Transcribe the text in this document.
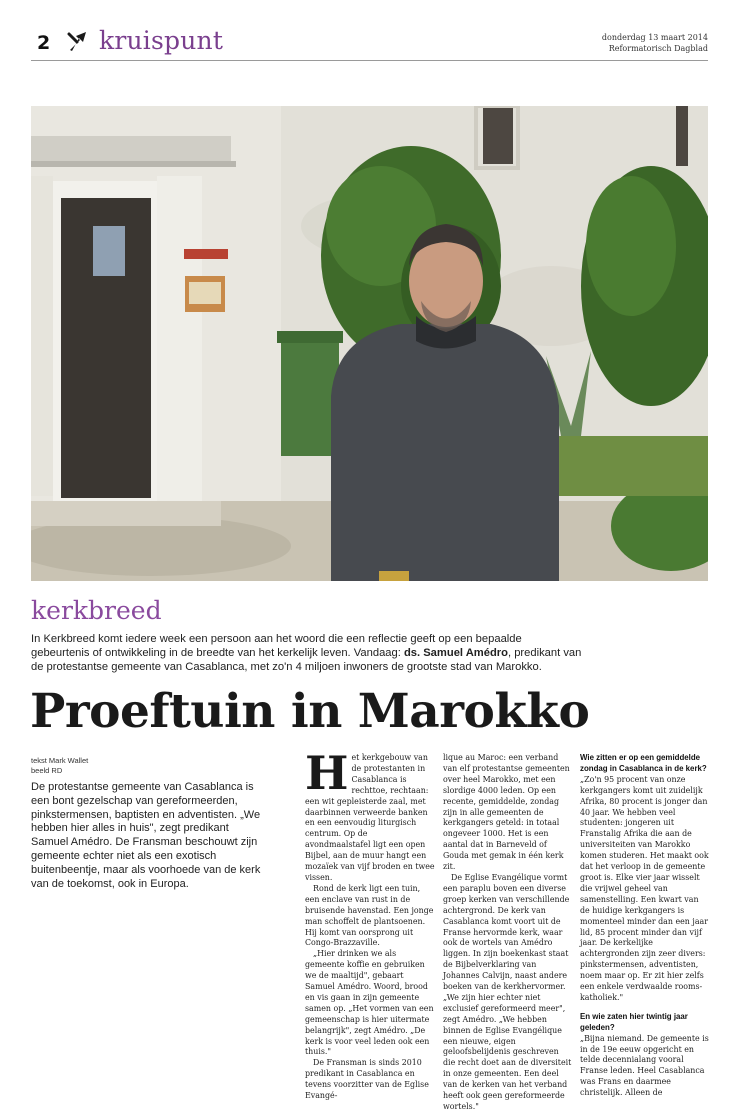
2 kruispunt	donderdag 13 maart 2014
Reformatorisch Dagblad
kerkbreed
In Kerkbreed komt iedere week een persoon aan het woord die een reflectie geeft op een bepaalde
gebeurtenis of ontwikkeling in de breedte van het kerkelijk leven. Vandaag: ds. Samuel Amédro, predikant van
de protestantse gemeente van Casablanca, met zo'n 4 miljoen inwoners de grootste stad van Marokko.
Proeftuin in Marokko
tekst Mark Wallet
beeld RD
De protestantse gemeente van Casablanca is een bont gezelschap van gereformeerden, pinkstermensen, baptisten en adventisten. „We hebben hier alles in huis", zegt predikant Samuel Amédro. De Fransman beschouwt zijn gemeente echter niet als een exotisch buitenbeentje, maar als voorhoede van de kerk van de toekomst, ook in Europa.
H et kerkgebouw van de protestanten in Casablanca is rechttoe, rechtaan: een wit gepleisterde zaal, met daarbinnen verweerde banken en een eenvoudig liturgisch centrum. Op de avondmaalstafel ligt een open Bijbel, aan de muur hangt een mozaïek van vijf broden en twee vissen.

Rond de kerk ligt een tuin, een enclave van rust in de bruisende havenstad. Een jonge man schoffelt de plantsoenen. Hij komt van oorsprong uit Congo-Brazzaville.

„Hier drinken we als gemeente koffie en gebruiken we de maaltijd", gebaart Samuel Amédro. Woord, brood en vis gaan in zijn gemeente samen op. „Het vormen van een gemeenschap is hier uitermate belangrijk", zegt Amédro. „De kerk is voor veel leden ook een thuis."

De Fransman is sinds 2010 predikant in Casablanca en tevens voorzitter van de Eglise Evangé-

lique au Maroc: een verband van elf protestantse gemeenten over heel Marokko, met een slordige 4000 leden. Op een recente, gemiddelde, zondag zijn in alle gemeenten de kerkgangers geteld: in totaal ongeveer 1000. Het is een aantal dat in Barneveld of Gouda met gemak in één kerk zit.

De Eglise Evangélique vormt een paraplu boven een diverse groep kerken van verschillende achtergrond. De kerk van Casablanca komt voort uit de Franse hervormde kerk, waar ook de wortels van Amédro liggen. In zijn boekenkast staat de Bijbelverklaring van Johannes Calvijn, naast andere boeken van de kerkhervormer. „We zijn hier echter niet exclusief gereformeerd meer", zegt Amédro. „We hebben binnen de Eglise Evangélique een nieuwe, eigen geloofsbelijdenis geschreven die recht doet aan de diversiteit in onze gemeenten. Een deel van de kerken van het verband heeft ook geen gereformeerde wortels."

Wie zitten er op een gemiddelde zondag in Casablanca in de kerk?

„Zo'n 95 procent van onze kerkgangers komt uit zuidelijk Afrika, 80 procent is jonger dan 40 jaar. We hebben veel studenten: jongeren uit Franstalig Afrika die aan de universiteiten van Marokko komen studeren. Het maakt ook dat het verloop in de gemeente groot is. Elke vier jaar wisselt die vrijwel geheel van samenstelling. Een kwart van de huidige kerkgangers is momenteel minder dan een jaar lid, 85 procent minder dan vijf jaar. De kerkelijke achtergronden zijn zeer divers: pinkstermensen, adventisten, noem maar op. Er zit hier zelfs een enkele verdwaalde rooms-katholiek."

En wie zaten hier twintig jaar geleden?

„Bijna niemand. De gemeente is in de 19e eeuw opgericht en telde decennialang vooral Franse leden. Heel Casablanca was Frans en daarmee christelijk. Alleen de
